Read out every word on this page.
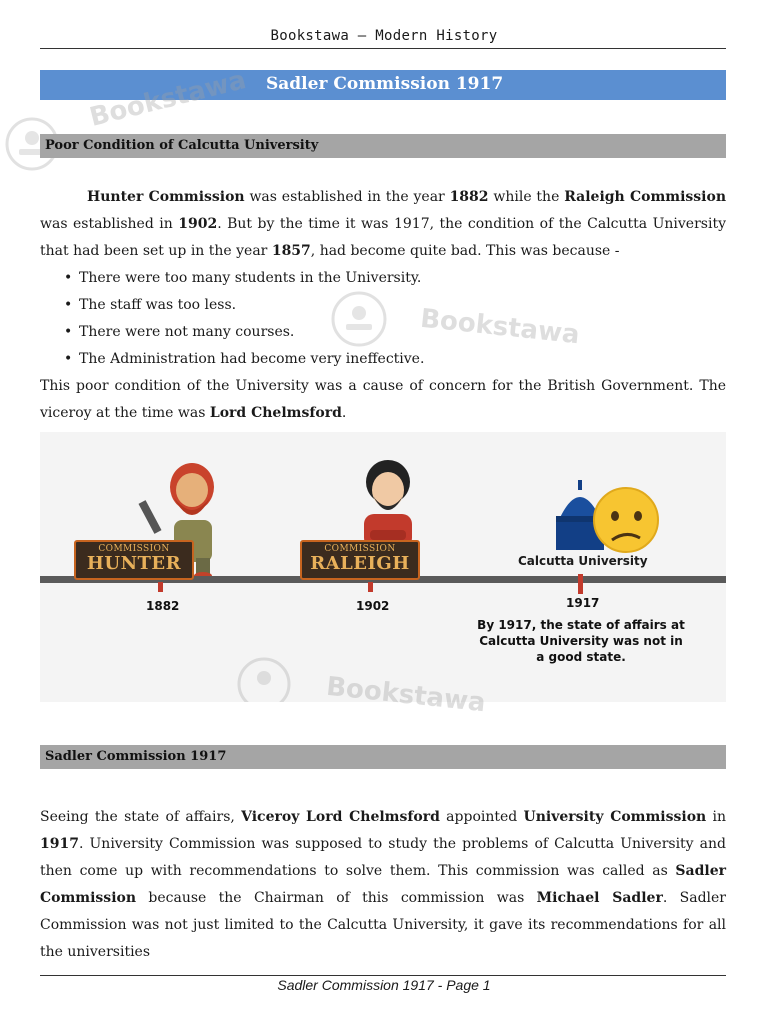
Bookstawa — Modern History
Sadler Commission 1917
Bookstawa
Poor Condition of Calcutta University
Hunter Commission was established in the year 1882 while the Raleigh Commission was established in 1902. But by the time it was 1917, the condition of the Calcutta University that had been set up in the year 1857, had become quite bad. This was because -
• There were too many students in the University.
• The staff was too less.
• There were not many courses.
• The Administration had become very ineffective.
Bookstawa
This poor condition of the University was a cause of concern for the British Government. The viceroy at the time was Lord Chelmsford.
COMMISSION
HUNTER
COMMISSION
RALEIGH	Calcutta University
1882	1902	1917
By 1917, the state of affairs at Calcutta University was not in a good state.
Bookstawa
Sadler Commission 1917
Seeing the state of affairs, Viceroy Lord Chelmsford appointed University Commission in 1917. University Commission was supposed to study the problems of Calcutta University and then come up with recommendations to solve them. This commission was called as Sadler Commission because the Chairman of this commission was Michael Sadler. Sadler Commission was not just limited to the Calcutta University, it gave its recommendations for all the universities
Sadler Commission 1917 - Page 1
